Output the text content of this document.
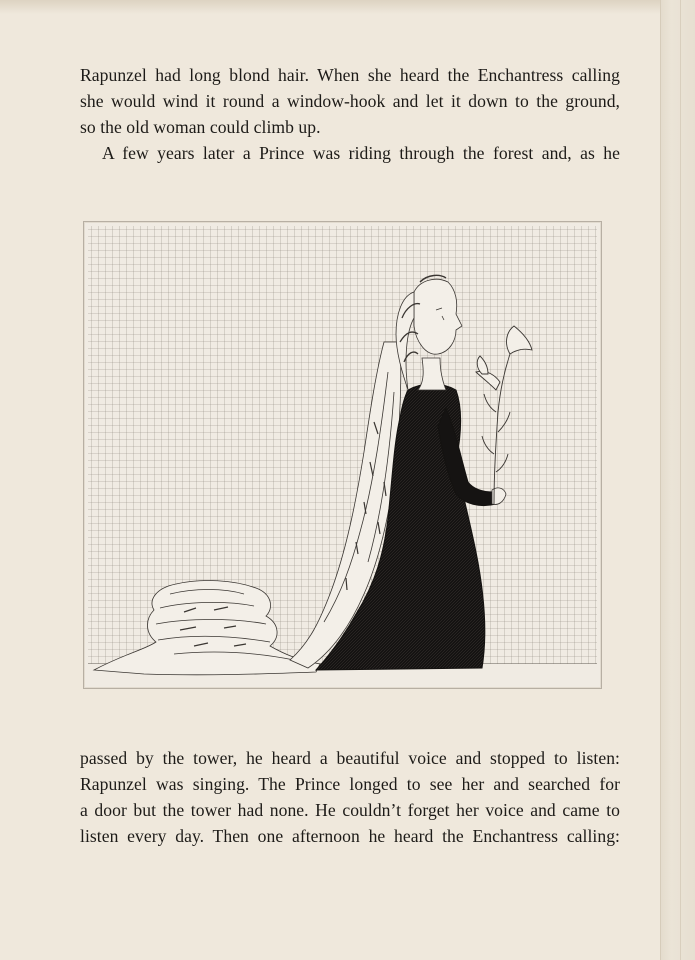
Rapunzel had long blond hair. When she heard the Enchantress calling
she would wind it round a window-hook and let it down to the ground,
so the old woman could climb up.
A few years later a Prince was riding through the forest and, as he
passed by the tower, he heard a beautiful voice and stopped to listen:
Rapunzel was singing. The Prince longed to see her and searched for
a door but the tower had none. He couldn’t forget her voice and came to
listen every day. Then one afternoon he heard the Enchantress calling:
